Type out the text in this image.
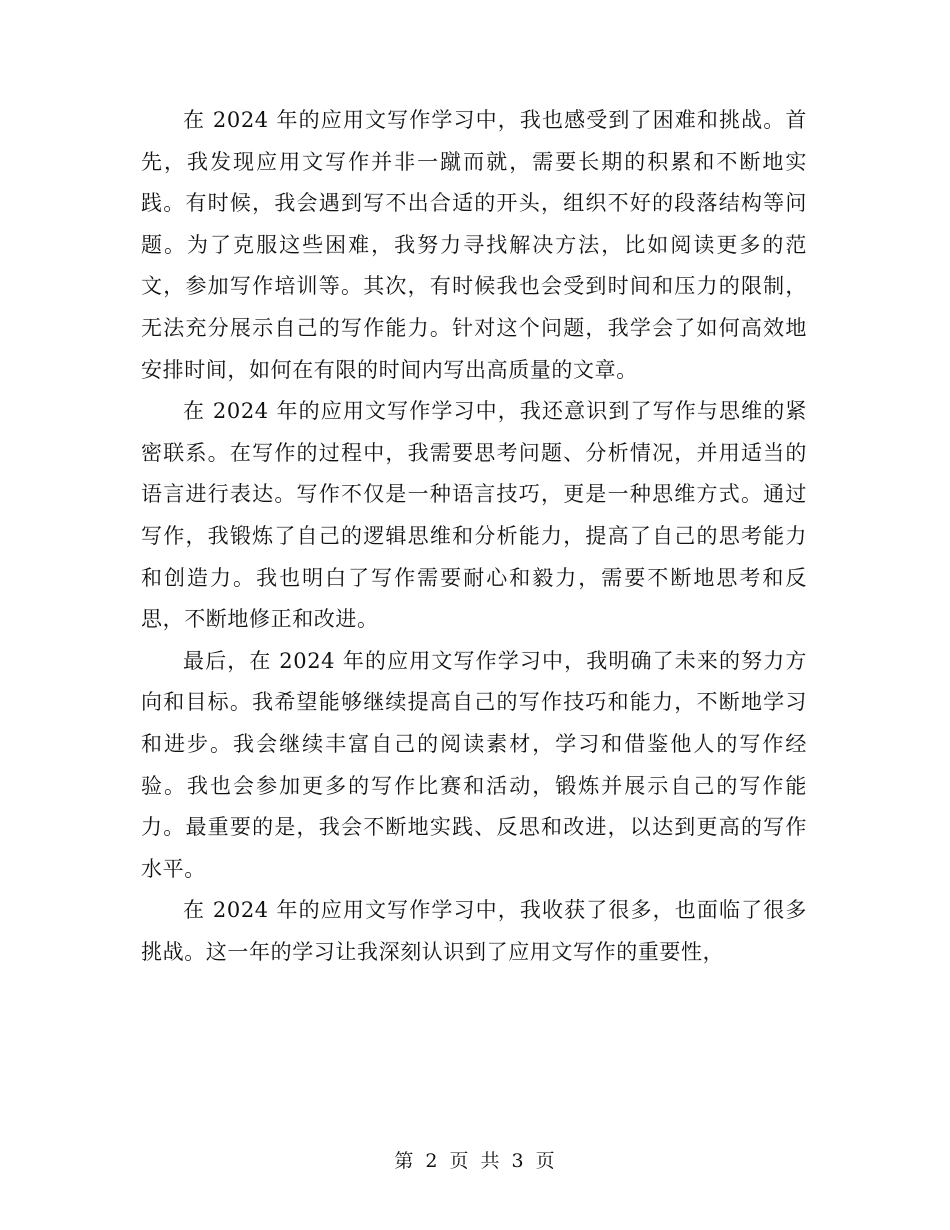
在 2024 年的应用文写作学习中，我也感受到了困难和挑战。首先，我发现应用文写作并非一蹴而就，需要长期的积累和不断地实践。有时候，我会遇到写不出合适的开头，组织不好的段落结构等问题。为了克服这些困难，我努力寻找解决方法，比如阅读更多的范文，参加写作培训等。其次，有时候我也会受到时间和压力的限制，无法充分展示自己的写作能力。针对这个问题，我学会了如何高效地安排时间，如何在有限的时间内写出高质量的文章。

在 2024 年的应用文写作学习中，我还意识到了写作与思维的紧密联系。在写作的过程中，我需要思考问题、分析情况，并用适当的语言进行表达。写作不仅是一种语言技巧，更是一种思维方式。通过写作，我锻炼了自己的逻辑思维和分析能力，提高了自己的思考能力和创造力。我也明白了写作需要耐心和毅力，需要不断地思考和反思，不断地修正和改进。

最后，在 2024 年的应用文写作学习中，我明确了未来的努力方向和目标。我希望能够继续提高自己的写作技巧和能力，不断地学习和进步。我会继续丰富自己的阅读素材，学习和借鉴他人的写作经验。我也会参加更多的写作比赛和活动，锻炼并展示自己的写作能力。最重要的是，我会不断地实践、反思和改进，以达到更高的写作水平。

在 2024 年的应用文写作学习中，我收获了很多，也面临了很多挑战。这一年的学习让我深刻认识到了应用文写作的重要性，

第 2 页 共 3 页
